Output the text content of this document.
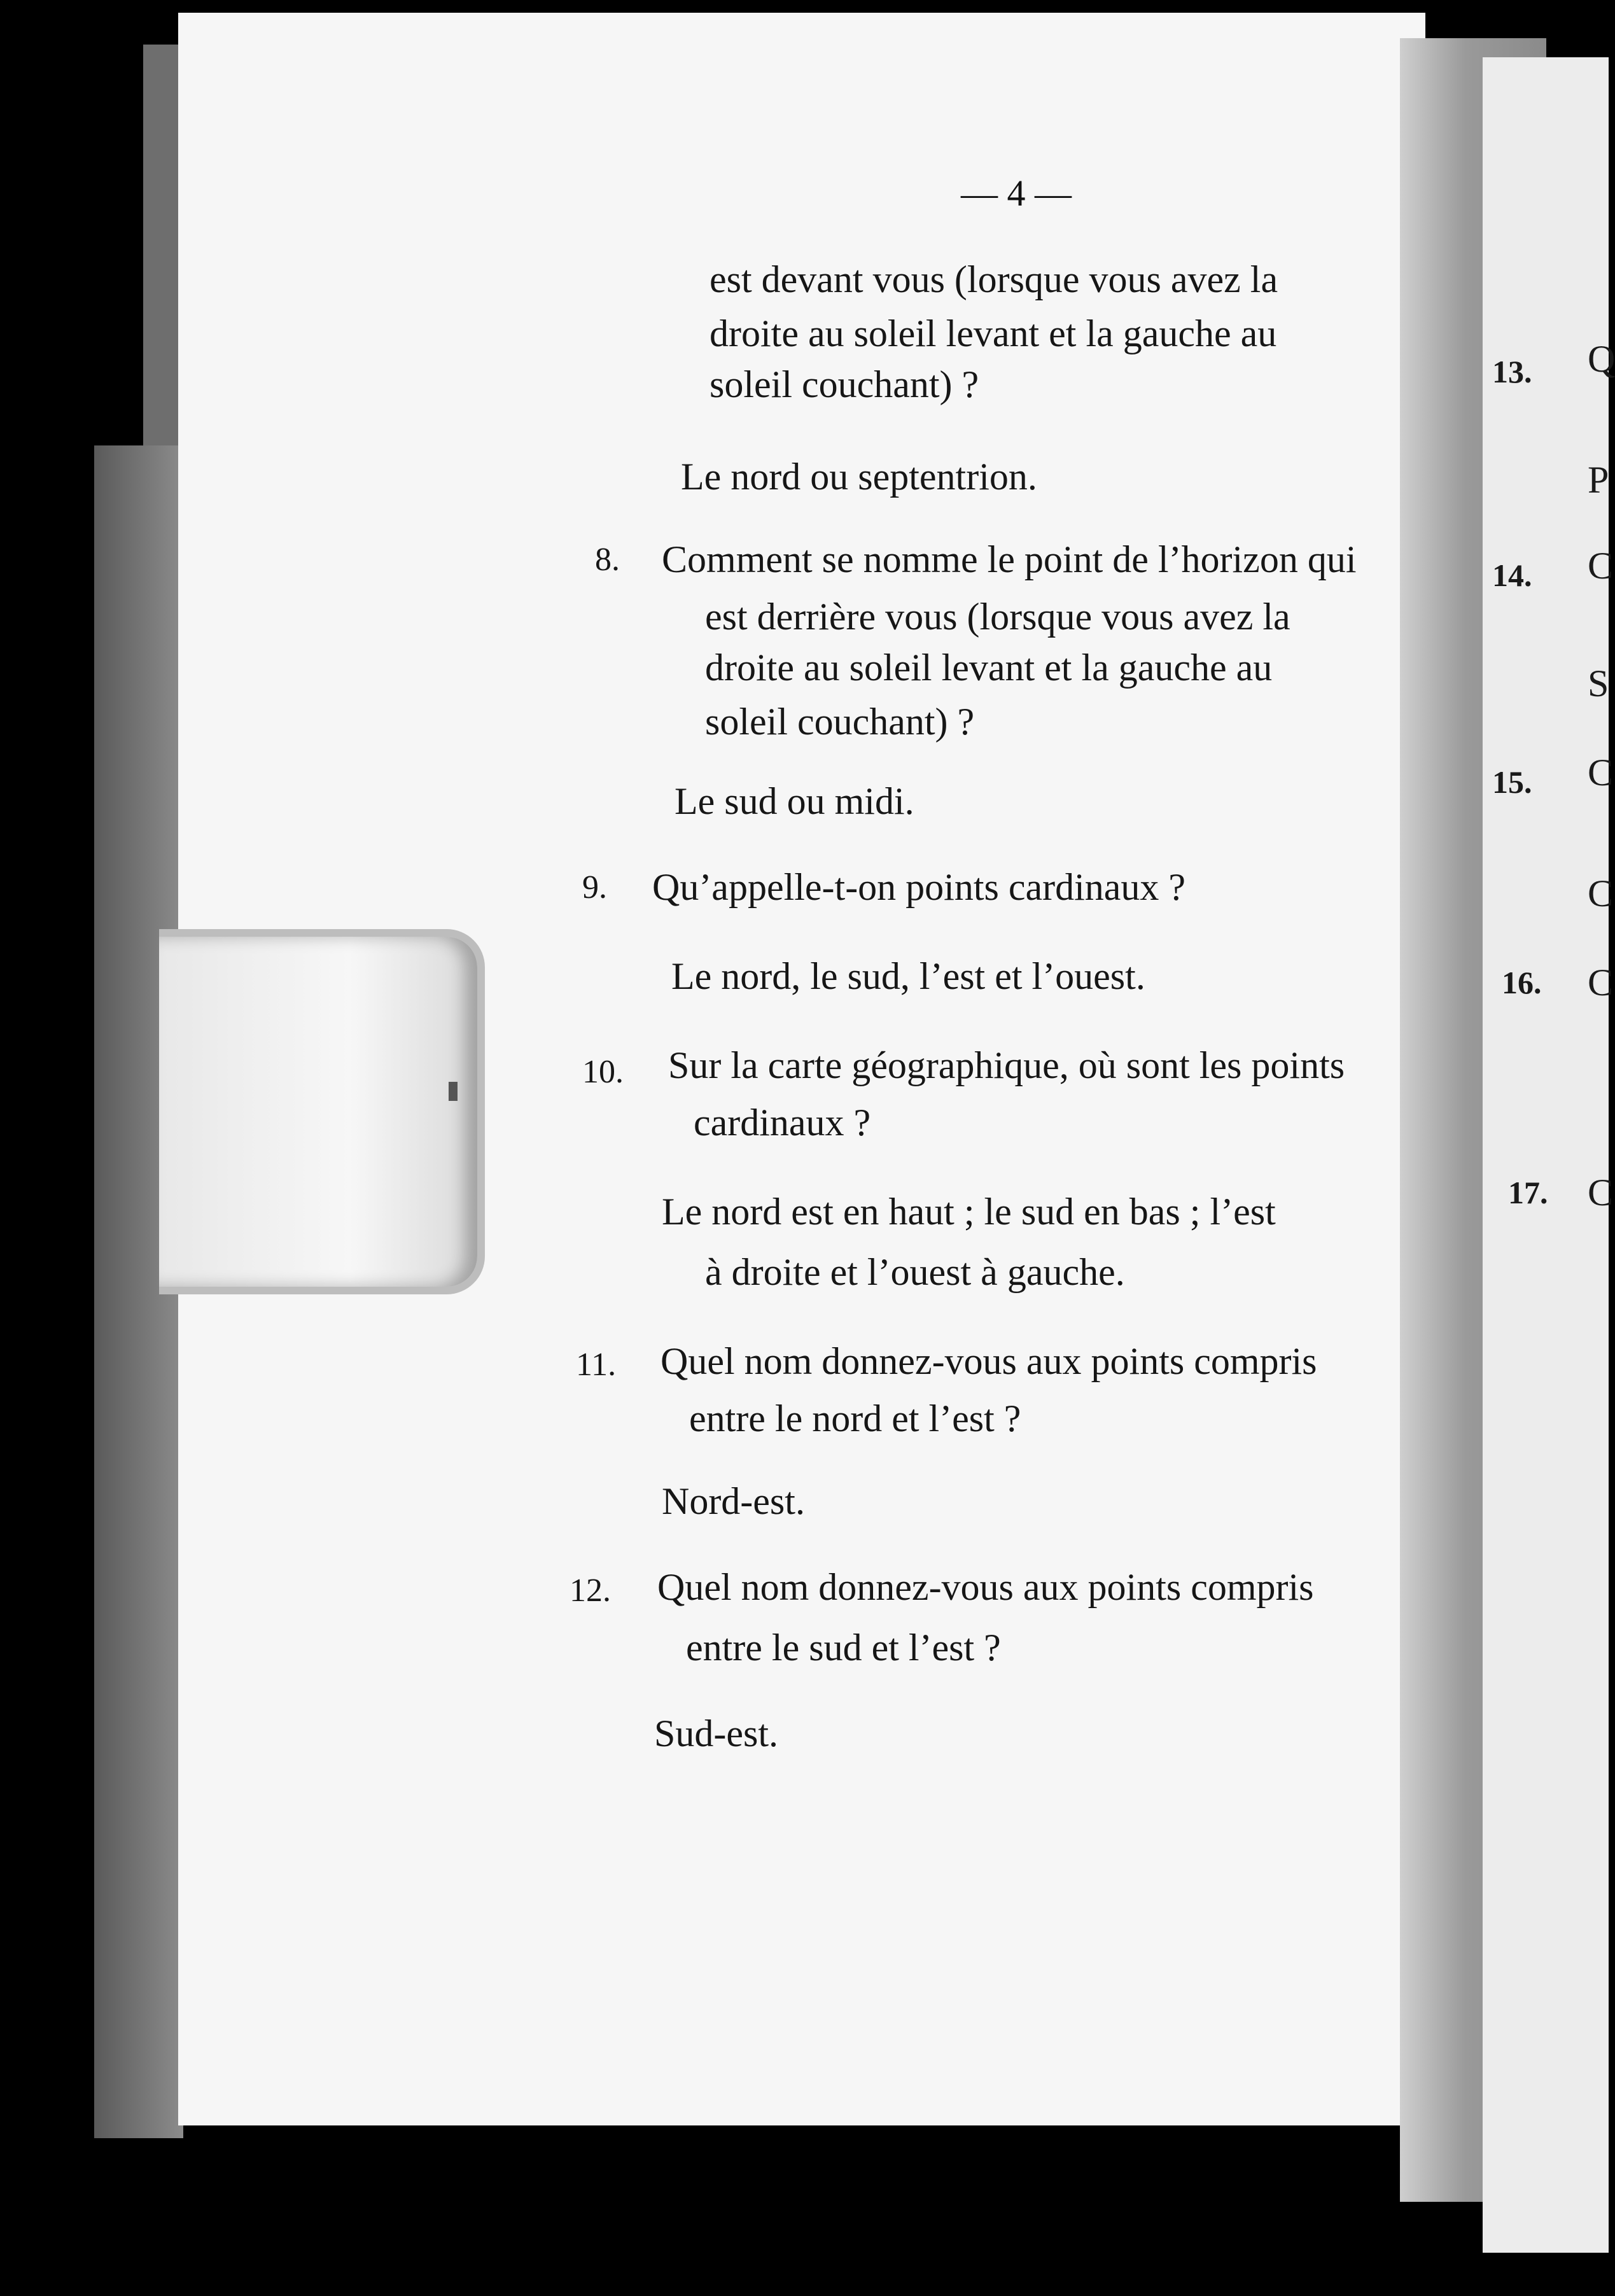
— 4 —
est devant vous (lorsque vous avez la
droite au soleil levant et la gauche au
soleil couchant) ?
Le nord ou septentrion.
8. Comment se nomme le point de l’horizon qui
est derrière vous (lorsque vous avez la
droite au soleil levant et la gauche au
soleil couchant) ?
Le sud ou midi.
9. Qu’appelle-t-on points cardinaux ?
Le nord, le sud, l’est et l’ouest.
10. Sur la carte géographique, où sont les points
cardinaux ?
Le nord est en haut ; le sud en bas ; l’est
à droite et l’ouest à gauche.
11. Quel nom donnez-vous aux points compris
entre le nord et l’est ?
Nord-est.
12. Quel nom donnez-vous aux points compris
entre le sud et l’est ?
Sud-est.
13.
14.
15.
16.
17.
Q
P
C
S
C
C
C
C
